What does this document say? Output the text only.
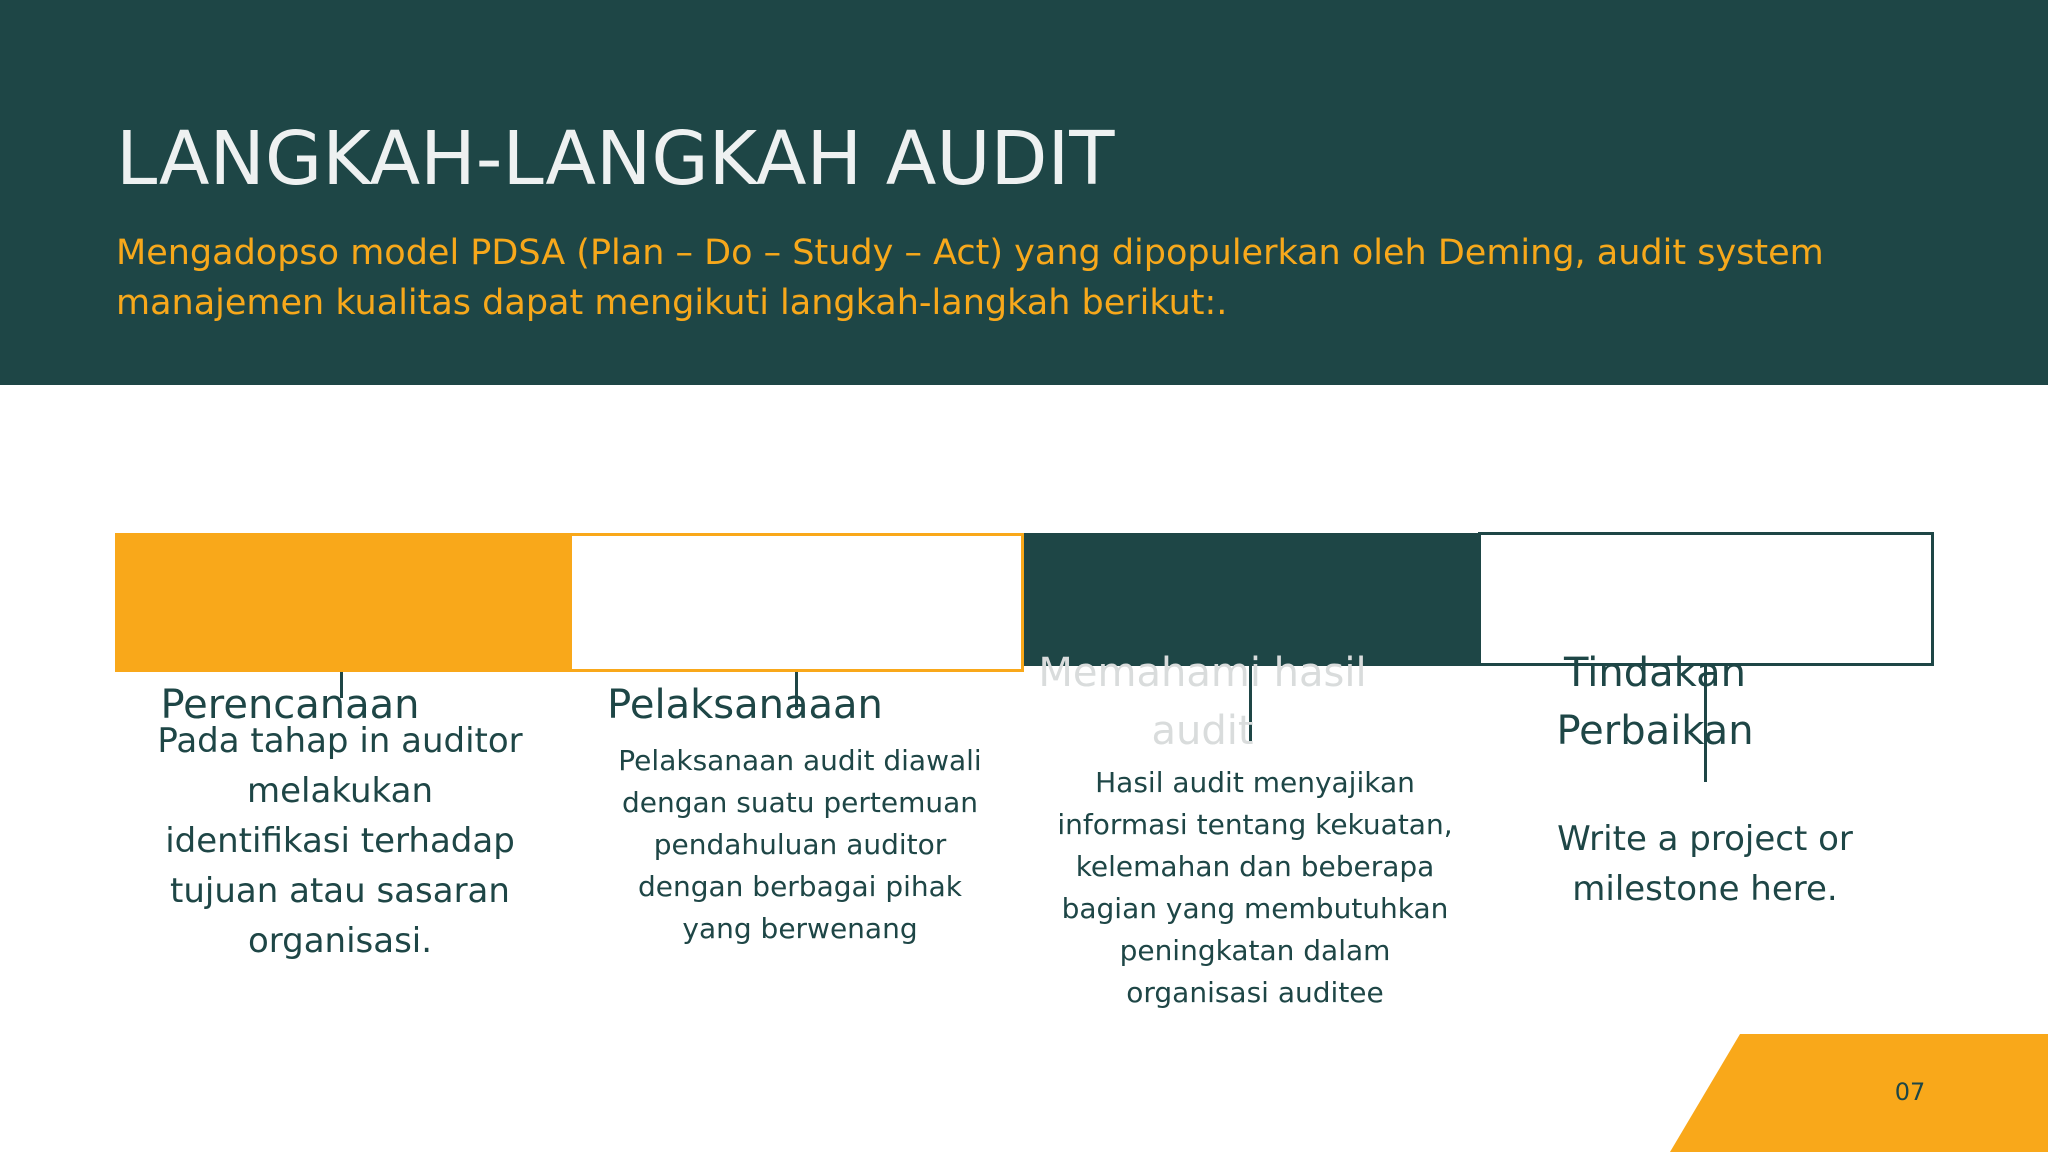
LANGKAH-LANGKAH AUDIT

Mengadopso model PDSA (Plan – Do – Study – Act) yang dipopulerkan oleh Deming, audit system manajemen kualitas dapat mengikuti langkah-langkah berikut:.

Perencanaan	Pelaksanaaan
Memahami hasil audit
Tindakan Perbaikan
Pada tahap in auditor melakukan identifikasi terhadap tujuan atau sasaran organisasi.
Pelaksanaan audit diawali dengan suatu pertemuan pendahuluan auditor dengan berbagai pihak yang berwenang
Hasil audit menyajikan informasi tentang kekuatan, kelemahan dan beberapa bagian yang membutuhkan peningkatan dalam organisasi auditee
Write a project or milestone here.
07
